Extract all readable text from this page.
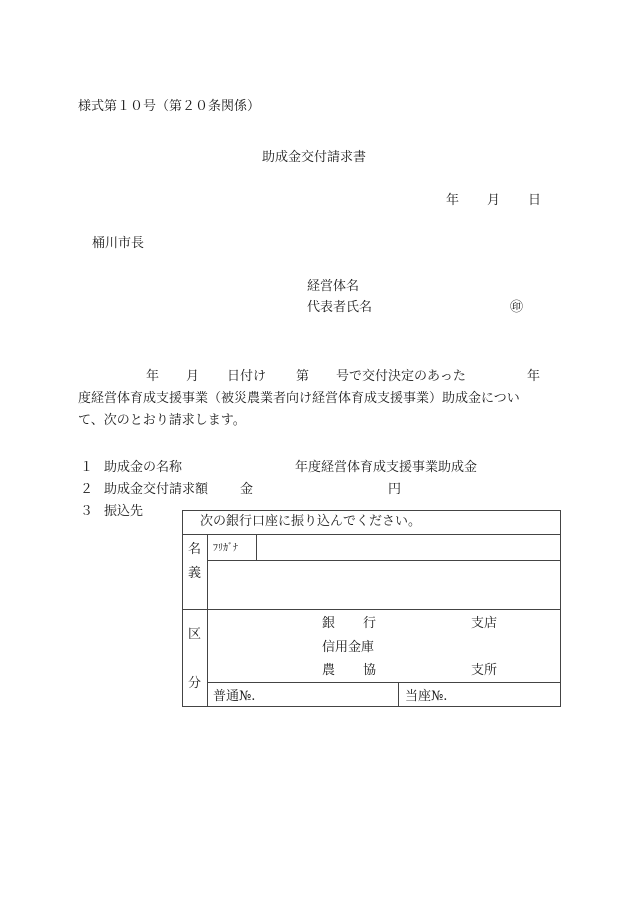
様式第１０号（第２０条関係）
助成金交付請求書
年 月 日
桶川市長
経営体名
代表者氏名	㊞
年 月 日付け 第 号で交付決定のあった	年
度経営体育成支援事業（被災農業者向け経営体育成支援事業）助成金につい
て、次のとおり請求します。
１ 助成金の名称	年度経営体育成支援事業助成金
２ 助成金交付請求額 金	円
３ 振込先
次の銀行口座に振り込んでください。
名
義
ﾌﾘｶﾞﾅ
区
分
銀 行	支店
信用金庫
農 協	支所
普通№.	当座№.
